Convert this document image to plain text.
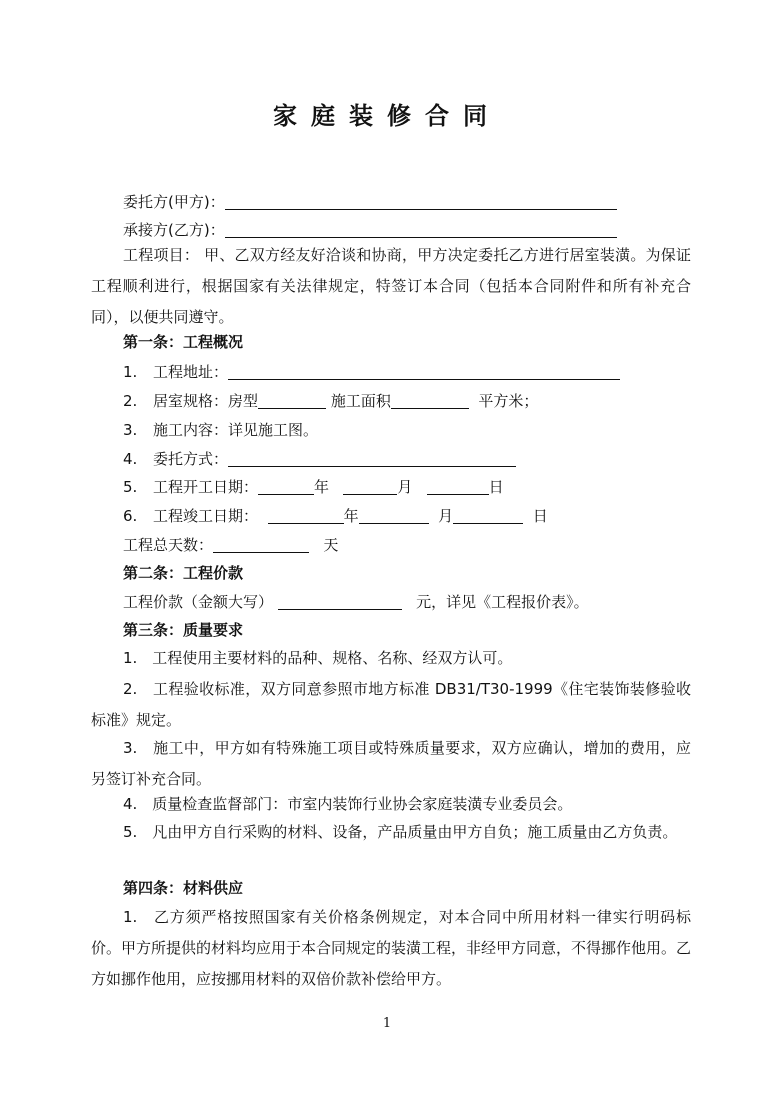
家庭装修合同
委托方(甲方)：
承接方(乙方)：
工程项目： 甲、乙双方经友好洽谈和协商，甲方决定委托乙方进行居室装潢。为保证工程顺利进行，根据国家有关法律规定，特签订本合同（包括本合同附件和所有补充合同），以便共同遵守。
第一条：工程概况
1. 工程地址：
2. 居室规格：房型	施工面积	平方米；
3. 施工内容：详见施工图。
4. 委托方式：
5. 工程开工日期：	年	月	日
6. 工程竣工日期：	年	月	日
工程总天数：	天
第二条：工程价款
工程价款（金额大写）	元，详见《工程报价表》。
第三条：质量要求
1.　工程使用主要材料的品种、规格、名称、经双方认可。
2.　工程验收标准，双方同意参照市地方标准 DB31/T30-1999《住宅装饰装修验收标准》规定。
3.　施工中，甲方如有特殊施工项目或特殊质量要求，双方应确认，增加的费用，应另签订补充合同。
4.　质量检查监督部门：市室内装饰行业协会家庭装潢专业委员会。
5.　凡由甲方自行采购的材料、设备，产品质量由甲方自负；施工质量由乙方负责。
第四条：材料供应
1.　乙方须严格按照国家有关价格条例规定，对本合同中所用材料一律实行明码标价。甲方所提供的材料均应用于本合同规定的装潢工程，非经甲方同意，不得挪作他用。乙方如挪作他用，应按挪用材料的双倍价款补偿给甲方。
1
